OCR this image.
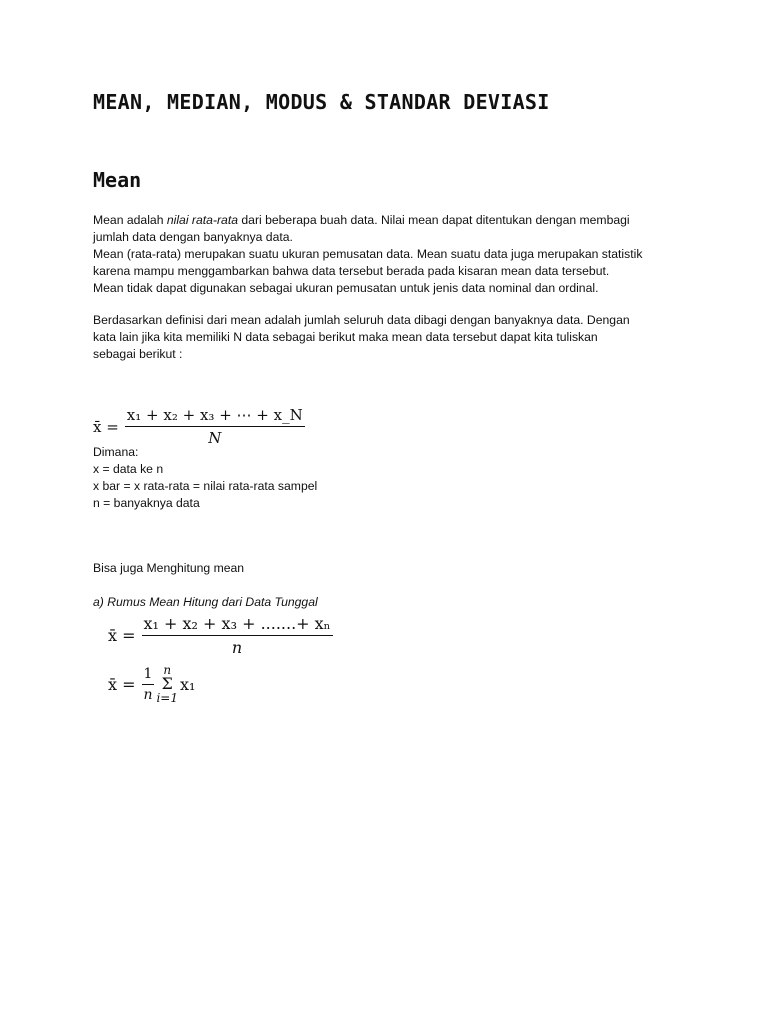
MEAN, MEDIAN, MODUS & STANDAR DEVIASI
Mean
Mean adalah nilai rata-rata dari beberapa buah data. Nilai mean dapat ditentukan dengan membagi
jumlah data dengan banyaknya data.
Mean (rata-rata) merupakan suatu ukuran pemusatan data. Mean suatu data juga merupakan statistik
karena mampu menggambarkan bahwa data tersebut berada pada kisaran mean data tersebut.
Mean tidak dapat digunakan sebagai ukuran pemusatan untuk jenis data nominal dan ordinal.
Berdasarkan definisi dari mean adalah jumlah seluruh data dibagi dengan banyaknya data. Dengan
kata lain jika kita memiliki N data sebagai berikut maka mean data tersebut dapat kita tuliskan
sebagai berikut :
x̄ = $\frac{\text{x₁ + x₂ + x₃ + ⋯ + x\_N}}{N}$
Dimana:
x = data ke n
x bar = x rata-rata = nilai rata-rata sampel
n = banyaknya data
Bisa juga Menghitung mean
a) Rumus Mean Hitung dari Data Tunggal
x̄ = $\frac{\text{x₁ + x₂ + x₃ + .......+ xₙ}}{n}$
x̄ = $\frac{1}{n}$ n
Σ
i=1
x₁
